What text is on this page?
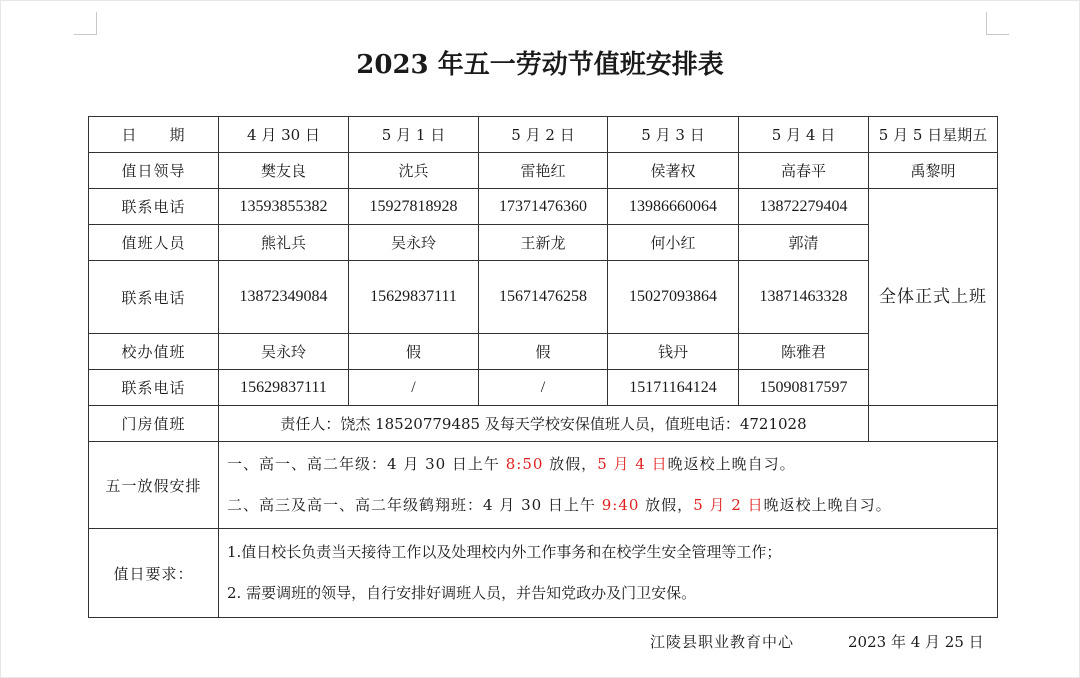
2023 年五一劳动节值班安排表
日　　期	4 月 30 日	5 月 1 日	5 月 2 日	5 月 3 日	5 月 4 日	5 月 5 日星期五
值日领导	樊友良	沈兵	雷艳红	侯著权	高春平	禹黎明
联系电话	13593855382	15927818928	17371476360	13986660064	13872279404	全体正式上班
值班人员	熊礼兵	吴永玲	王新龙	何小红	郭清	
联系电话	13872349084	15629837111	15671476258	15027093864	13871463328	
校办值班	吴永玲	假	假	钱丹	陈雅君	
联系电话	15629837111	/	/	15171164124	15090817597	
门房值班	责任人：饶杰 18520779485 及每天学校安保值班人员，值班电话：4721028					
五一放假安排	一、高一、高二年级：4 月 30 日上午 8:50 放假，5 月 4 日晚返校上晚自习。
二、高三及高一、高二年级鹤翔班：4 月 30 日上午 9:40 放假，5 月 2 日晚返校上晚自习。					

值日要求：	1.值日校长负责当天接待工作以及处理校内外工作事务和在校学生安全管理等工作；
2. 需要调班的领导，自行安排好调班人员，并告知党政办及门卫安保。					
江陵县职业教育中心	2023 年 4 月 25 日
